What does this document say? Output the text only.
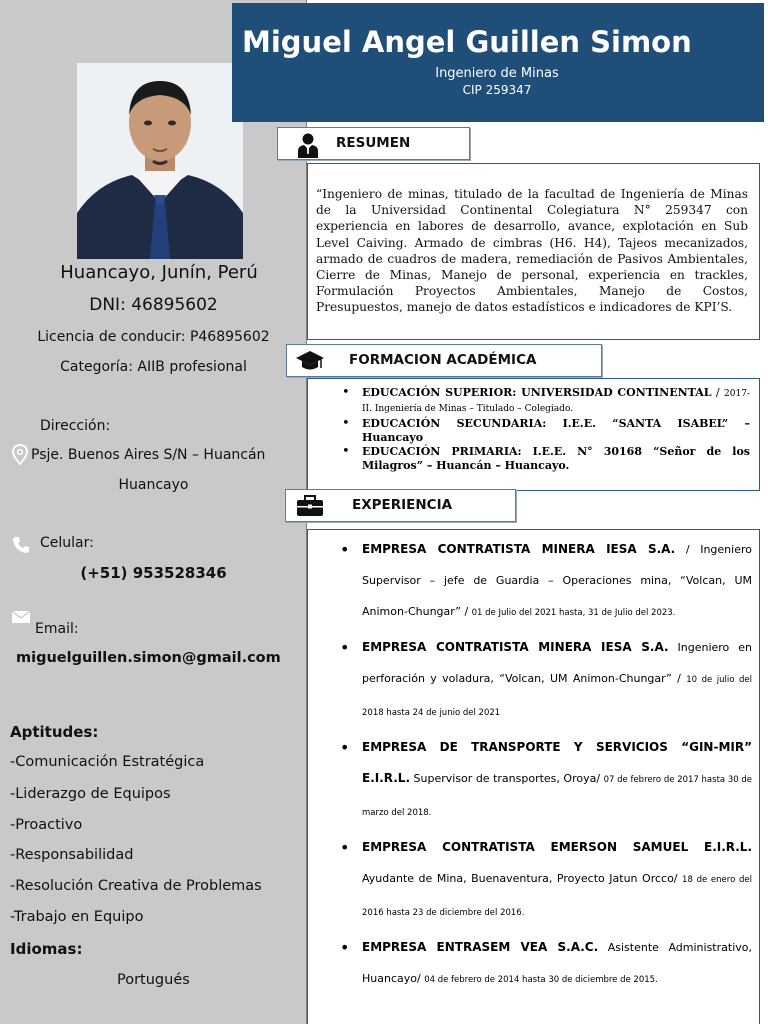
Huancayo, Junín, Perú
DNI: 46895602
Licencia de conducir: P46895602
Categoría: AIIB profesional
Dirección:
Psje. Buenos Aires S/N – Huancán
Huancayo
Celular:
(+51) 953528346
Email:
miguelguillen.simon@gmail.com
Aptitudes:
-Comunicación Estratégica
-Liderazgo de Equipos
-Proactivo
-Responsabilidad
-Resolución Creativa de Problemas
-Trabajo en Equipo
Idiomas:
Portugués
Miguel Angel Guillen Simon
Ingeniero de Minas
CIP 259347
RESUMEN
“Ingeniero de minas, titulado de la facultad de Ingeniería de Minas de la Universidad Continental Colegiatura N° 259347 con experiencia en labores de desarrollo, avance, explotación en Sub Level Caiving. Armado de cimbras (H6. H4), Tajeos mecanizados, armado de cuadros de madera, remediación de Pasivos Ambientales, Cierre de Minas, Manejo de personal, experiencia en trackles, Formulación Proyectos Ambientales, Manejo de Costos, Presupuestos, manejo de datos estadísticos e indicadores de KPI’S.
FORMACION ACADÉMICA
• EDUCACIÓN SUPERIOR: UNIVERSIDAD CONTINENTAL / 2017-II. Ingeniería de Minas – Titulado – Colegiado.
• EDUCACIÓN SECUNDARIA: I.E.E. “SANTA ISABEL” – Huancayo
• EDUCACIÓN PRIMARIA: I.E.E. N° 30168 “Señor de los Milagros” – Huancán – Huancayo.
EXPERIENCIA
• EMPRESA CONTRATISTA MINERA IESA S.A. / Ingeniero Supervisor – jefe de Guardia – Operaciones mina, “Volcan, UM Animon-Chungar” / 01 de Julio del 2021 hasta, 31 de Julio del 2023.
• EMPRESA CONTRATISTA MINERA IESA S.A. Ingeniero en perforación y voladura, “Volcan, UM Animon-Chungar” / 10 de julio del 2018 hasta 24 de junio del 2021
• EMPRESA DE TRANSPORTE Y SERVICIOS “GIN-MIR” E.I.R.L. Supervisor de transportes, Oroya/ 07 de febrero de 2017 hasta 30 de marzo del 2018.
• EMPRESA CONTRATISTA EMERSON SAMUEL E.I.R.L. Ayudante de Mina, Buenaventura, Proyecto Jatun Orcco/ 18 de enero del 2016 hasta 23 de diciembre del 2016.
• EMPRESA ENTRASEM VEA S.A.C. Asistente Administrativo, Huancayo/ 04 de febrero de 2014 hasta 30 de diciembre de 2015.
